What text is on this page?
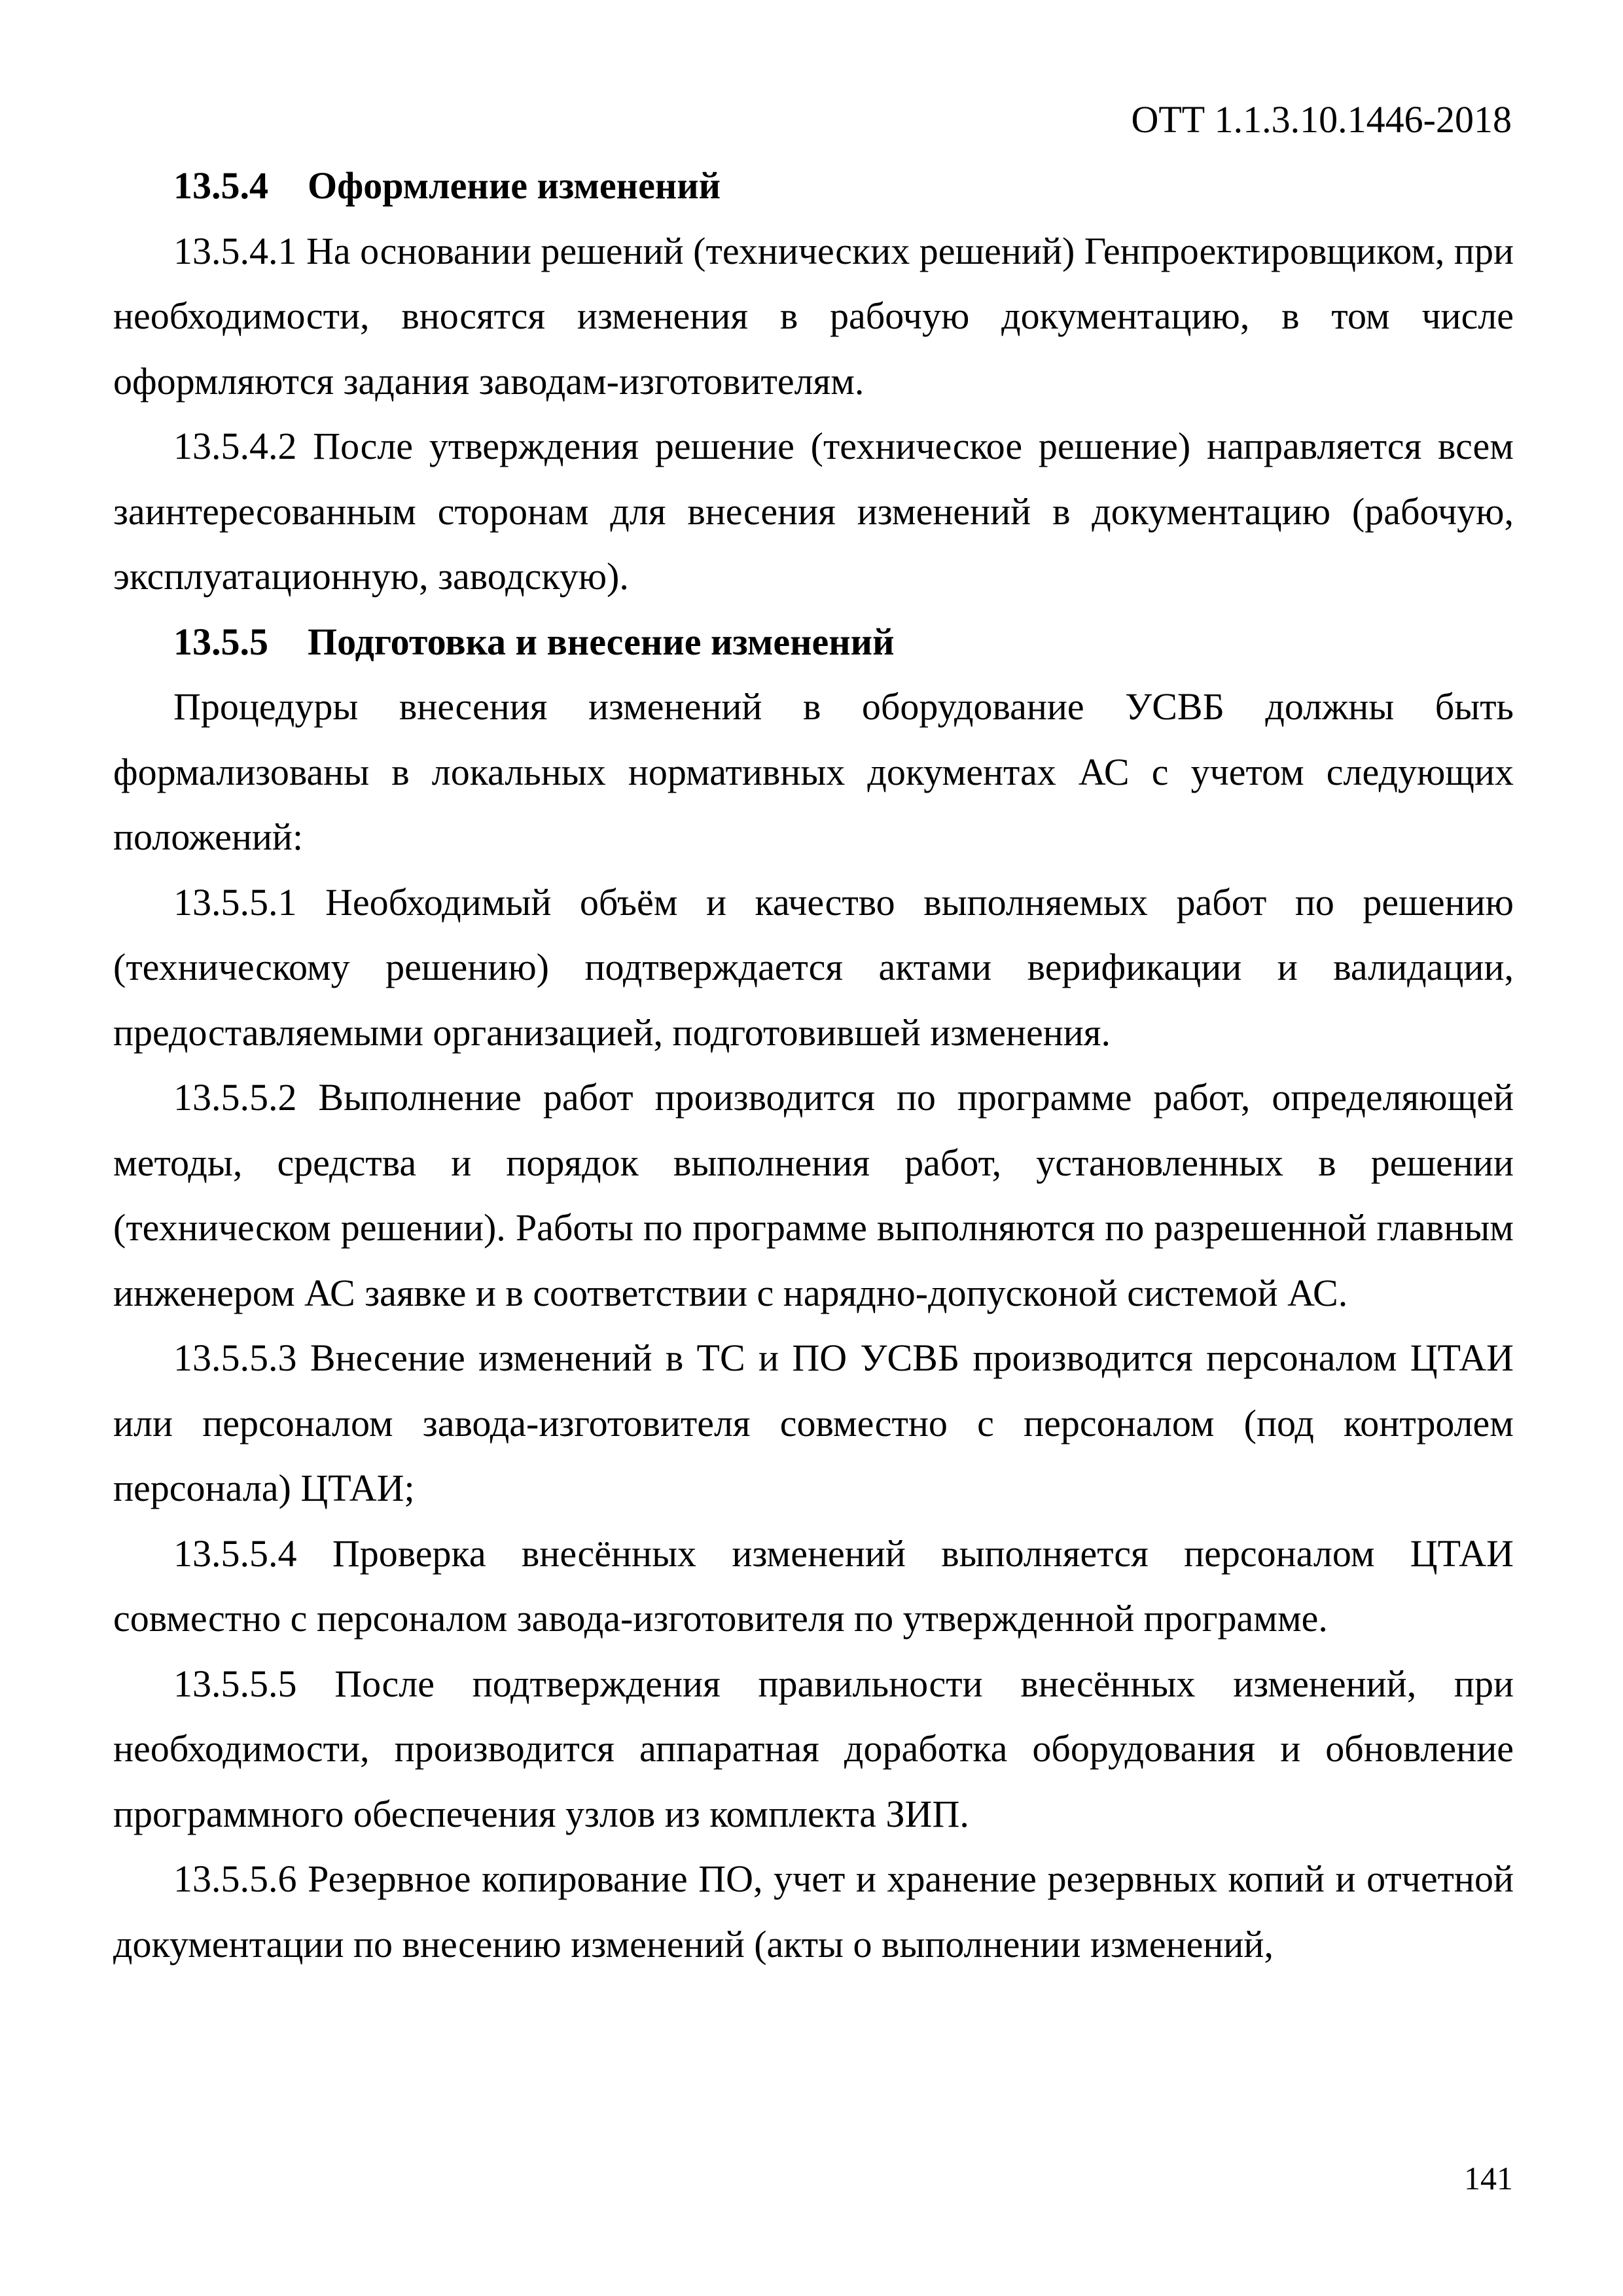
ОТТ 1.1.3.10.1446-2018

13.5.4 Оформление изменений

13.5.4.1 На основании решений (технических решений) Генпроектировщиком, при необходимости, вносятся изменения в рабочую документацию, в том числе оформляются задания заводам-изготовителям.

13.5.4.2 После утверждения решение (техническое решение) направляется всем заинтересованным сторонам для внесения изменений в документацию (рабочую, эксплуатационную, заводскую).

13.5.5 Подготовка и внесение изменений

Процедуры внесения изменений в оборудование УСВБ должны быть формализованы в локальных нормативных документах АС с учетом следующих положений:

13.5.5.1 Необходимый объём и качество выполняемых работ по решению (техническому решению) подтверждается актами верификации и валидации, предоставляемыми организацией, подготовившей изменения.

13.5.5.2 Выполнение работ производится по программе работ, определяющей методы, средства и порядок выполнения работ, установленных в решении (техническом решении). Работы по программе выполняются по разрешенной главным инженером АС заявке и в соответствии с нарядно-допусконой системой АС.

13.5.5.3 Внесение изменений в ТС и ПО УСВБ производится персоналом ЦТАИ или персоналом завода-изготовителя совместно с персоналом (под контролем персонала) ЦТАИ;

13.5.5.4 Проверка внесённых изменений выполняется персоналом ЦТАИ совместно с персоналом завода-изготовителя по утвержденной программе.

13.5.5.5 После подтверждения правильности внесённых изменений, при необходимости, производится аппаратная доработка оборудования и обновление программного обеспечения узлов из комплекта ЗИП.

13.5.5.6 Резервное копирование ПО, учет и хранение резервных копий и отчетной документации по внесению изменений (акты о выполнении изменений,

141
